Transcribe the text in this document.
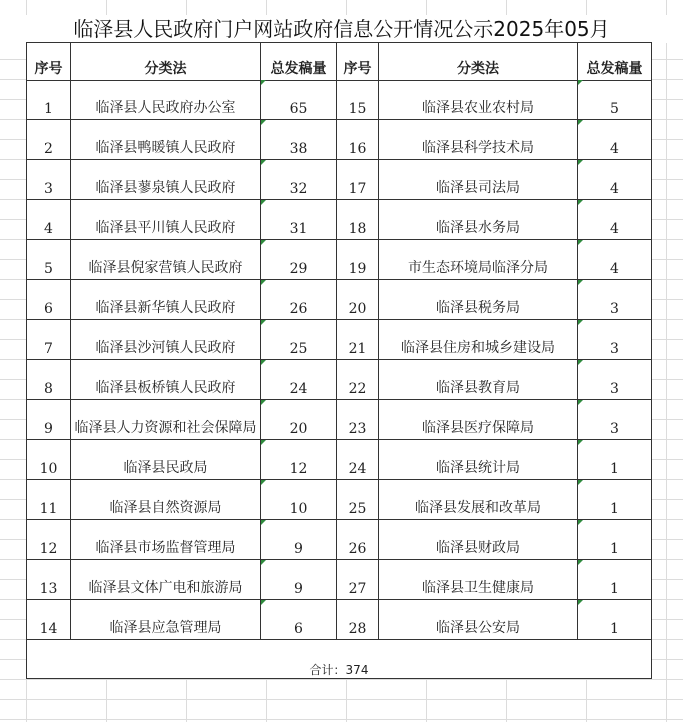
临泽县人民政府门户网站政府信息公开情况公示2025年05月
序号	分类法	总发稿量	序号	分类法	总发稿量
1	临泽县人民政府办公室	65	15	临泽县农业农村局	5
2	临泽县鸭暖镇人民政府	38	16	临泽县科学技术局	4
3	临泽县蓼泉镇人民政府	32	17	临泽县司法局	4
4	临泽县平川镇人民政府	31	18	临泽县水务局	4
5	临泽县倪家营镇人民政府	29	19	市生态环境局临泽分局	4
6	临泽县新华镇人民政府	26	20	临泽县税务局	3
7	临泽县沙河镇人民政府	25	21	临泽县住房和城乡建设局	3
8	临泽县板桥镇人民政府	24	22	临泽县教育局	3
9	临泽县人力资源和社会保障局	20	23	临泽县医疗保障局	3
10	临泽县民政局	12	24	临泽县统计局	1
11	临泽县自然资源局	10	25	临泽县发展和改革局	1
12	临泽县市场监督管理局	9	26	临泽县财政局	1
13	临泽县文体广电和旅游局	9	27	临泽县卫生健康局	1
14	临泽县应急管理局	6	28	临泽县公安局	1
合计：374
